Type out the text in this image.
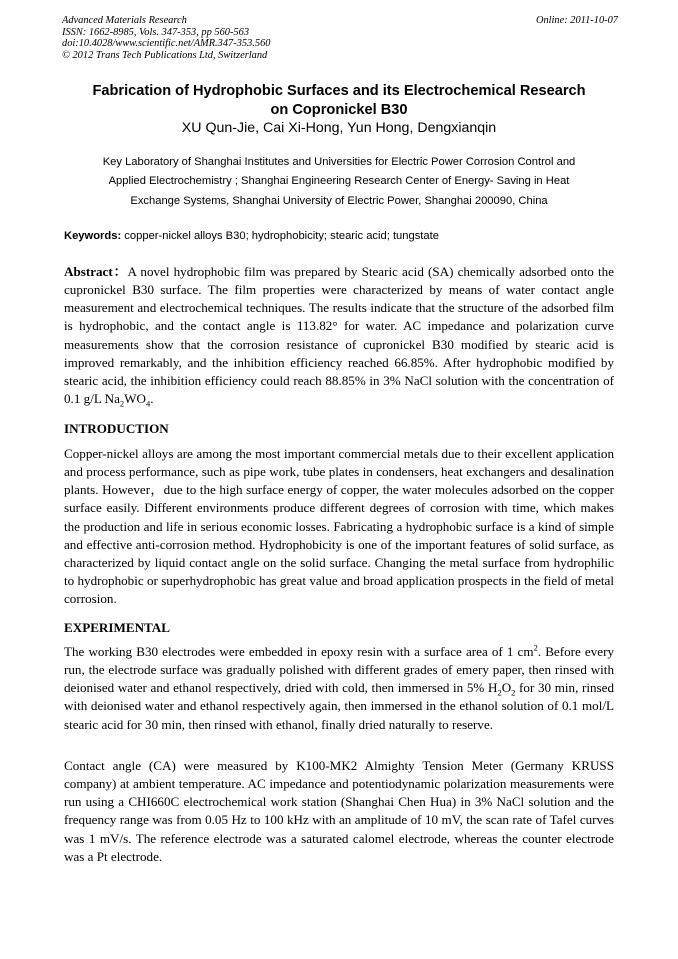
Advanced Materials Research
ISSN: 1662-8985, Vols. 347-353, pp 560-563
doi:10.4028/www.scientific.net/AMR.347-353.560
© 2012 Trans Tech Publications Ltd, Switzerland
Online: 2011-10-07
Fabrication of Hydrophobic Surfaces and its Electrochemical Research
on Copronickel B30
XU Qun-Jie, Cai Xi-Hong, Yun Hong, Dengxianqin
Key Laboratory of Shanghai Institutes and Universities for Electric Power Corrosion Control and
Applied Electrochemistry ; Shanghai Engineering Research Center of Energy- Saving in Heat
Exchange Systems, Shanghai University of Electric Power, Shanghai 200090, China
Keywords: copper-nickel alloys B30; hydrophobicity; stearic acid; tungstate

Abstract：A novel hydrophobic film was prepared by Stearic acid (SA) chemically adsorbed onto the cupronickel B30 surface. The film properties were characterized by means of water contact angle measurement and electrochemical techniques. The results indicate that the structure of the adsorbed film is hydrophobic, and the contact angle is 113.82° for water. AC impedance and polarization curve measurements show that the corrosion resistance of cupronickel B30 modified by stearic acid is improved remarkably, and the inhibition efficiency reached 66.85%. After hydrophobic modified by stearic acid, the inhibition efficiency could reach 88.85% in 3% NaCl solution with the concentration of 0.1 g/L $Na_2WO_4$.

INTRODUCTION

Copper-nickel alloys are among the most important commercial metals due to their excellent application and process performance, such as pipe work, tube plates in condensers, heat exchangers and desalination plants. However，due to the high surface energy of copper, the water molecules adsorbed on the copper surface easily. Different environments produce different degrees of corrosion with time, which makes the production and life in serious economic losses. Fabricating a hydrophobic surface is a kind of simple and effective anti-corrosion method. Hydrophobicity is one of the important features of solid surface, as characterized by liquid contact angle on the solid surface. Changing the metal surface from hydrophilic to hydrophobic or superhydrophobic has great value and broad application prospects in the field of metal corrosion.

EXPERIMENTAL

The working B30 electrodes were embedded in epoxy resin with a surface area of 1 $cm^2$. Before every run, the electrode surface was gradually polished with different grades of emery paper, then rinsed with deionised water and ethanol respectively, dried with cold, then immersed in 5% $H_2O_2$ for 30 min, rinsed with deionised water and ethanol respectively again, then immersed in the ethanol solution of 0.1 mol/L stearic acid for 30 min, then rinsed with ethanol, finally dried naturally to reserve.

Contact angle (CA) were measured by K100-MK2 Almighty Tension Meter (Germany KRUSS company) at ambient temperature. AC impedance and potentiodynamic polarization measurements were run using a CHI660C electrochemical work station (Shanghai Chen Hua) in 3% NaCl solution and the frequency range was from 0.05 Hz to 100 kHz with an amplitude of 10 mV, the scan rate of Tafel curves was 1 mV/s. The reference electrode was a saturated calomel electrode, whereas the counter electrode was a Pt electrode.
